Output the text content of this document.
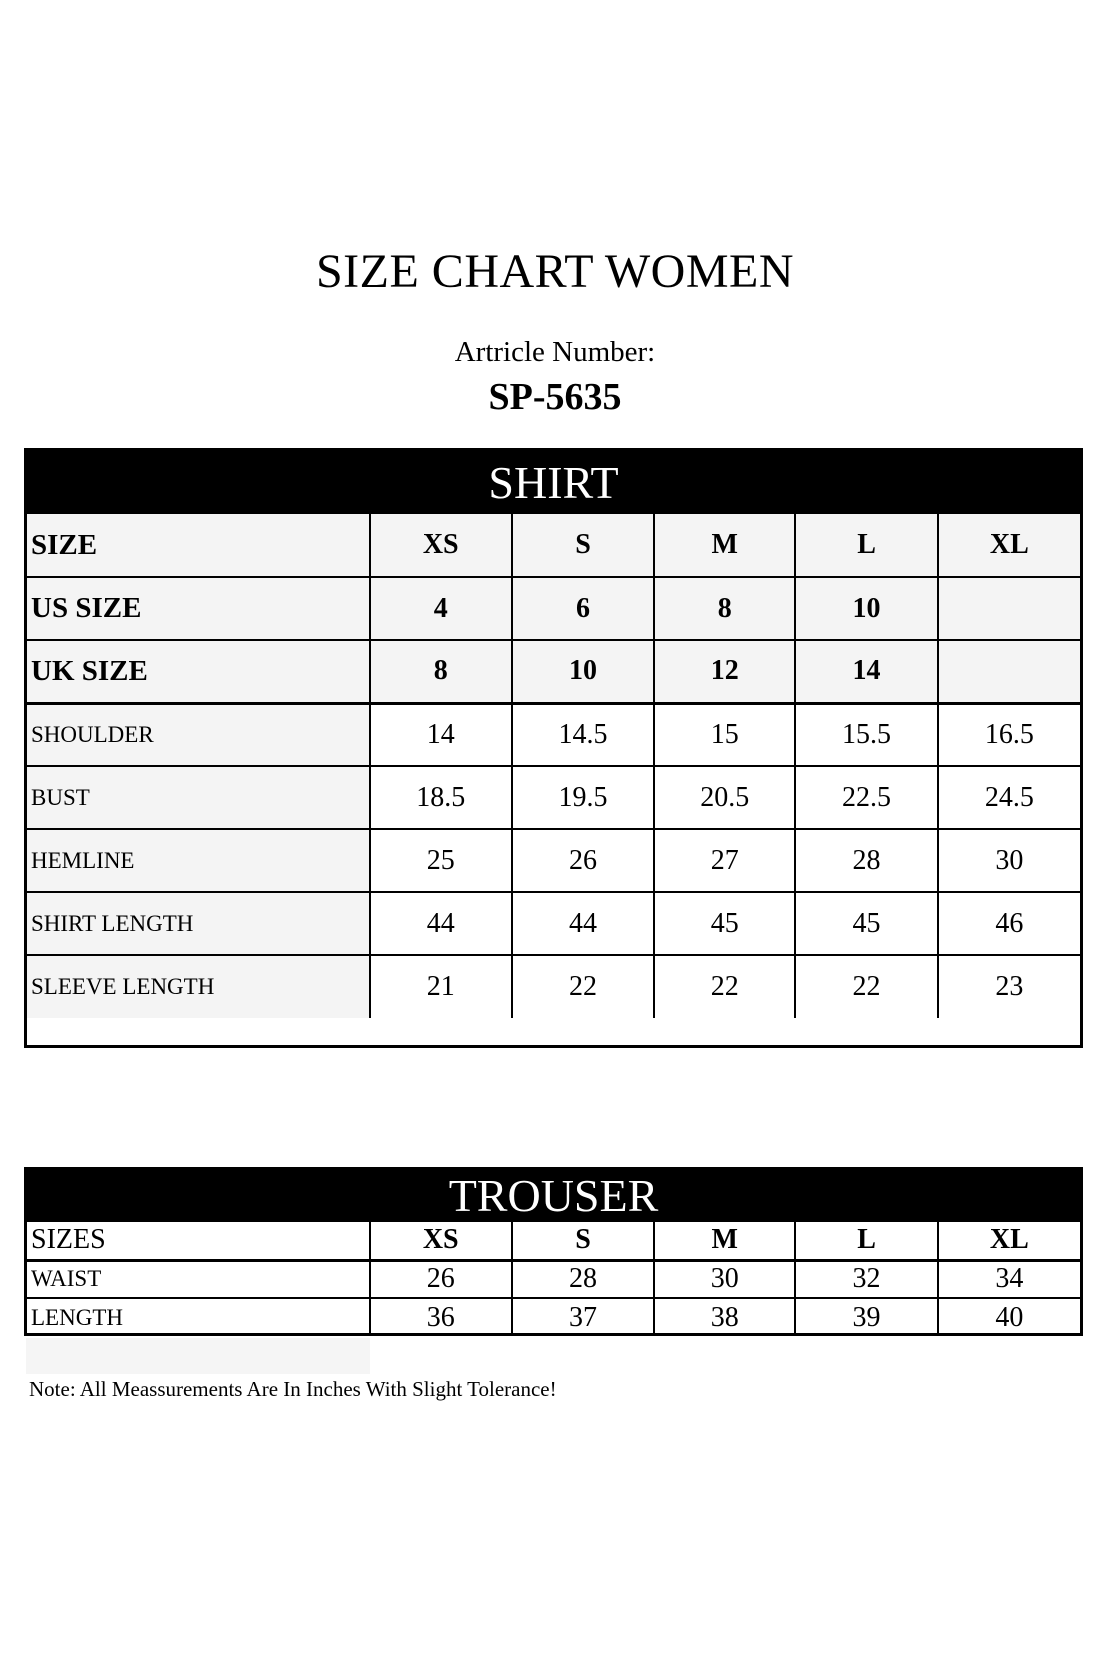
SIZE CHART WOMEN
Artricle Number:
SP-5635
SHIRT
SIZE	XS	S	M	L	XL
US SIZE	4	6	8	10	
UK SIZE	8	10	12	14	
SHOULDER	14	14.5	15	15.5	16.5
BUST	18.5	19.5	20.5	22.5	24.5
HEMLINE	25	26	27	28	30
SHIRT LENGTH	44	44	45	45	46
SLEEVE LENGTH	21	22	22	22	23
TROUSER
SIZES	XS	S	M	L	XL
WAIST	26	28	30	32	34
LENGTH	36	37	38	39	40
Note: All Meassurements Are In Inches With Slight Tolerance!
